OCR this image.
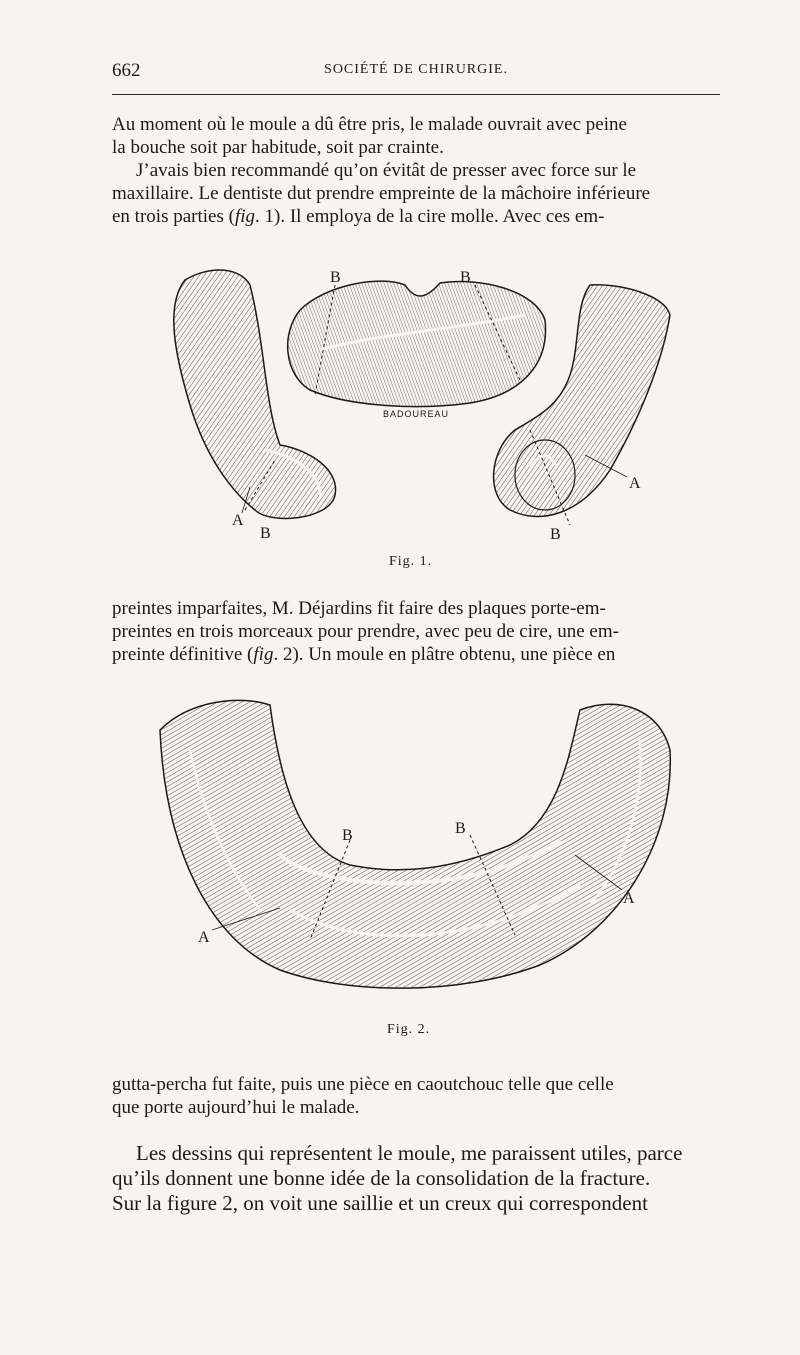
662	SOCIÉTÉ DE CHIRURGIE.

Au moment où le moule a dû être pris, le malade ouvrait avec peine
la bouche soit par habitude, soit par crainte.

J’avais bien recommandé qu’on évitât de presser avec force sur le
maxillaire. Le dentiste dut prendre empreinte de la mâchoire inférieure
en trois parties (fig. 1). Il employa de la cire molle. Avec ces em-

B	B
A
B
A
B
BADOUREAU
Fig. 1.

preintes imparfaites, M. Déjardins fit faire des plaques porte-em-
preintes en trois morceaux pour prendre, avec peu de cire, une em-
preinte définitive (fig. 2). Un moule en plâtre obtenu, une pièce en

B	B
A
A
Fig. 2.

gutta-percha fut faite, puis une pièce en caoutchouc telle que celle
que porte aujourd’hui le malade.

Les dessins qui représentent le moule, me paraissent utiles, parce
qu’ils donnent une bonne idée de la consolidation de la fracture.
Sur la figure 2, on voit une saillie et un creux qui correspondent
